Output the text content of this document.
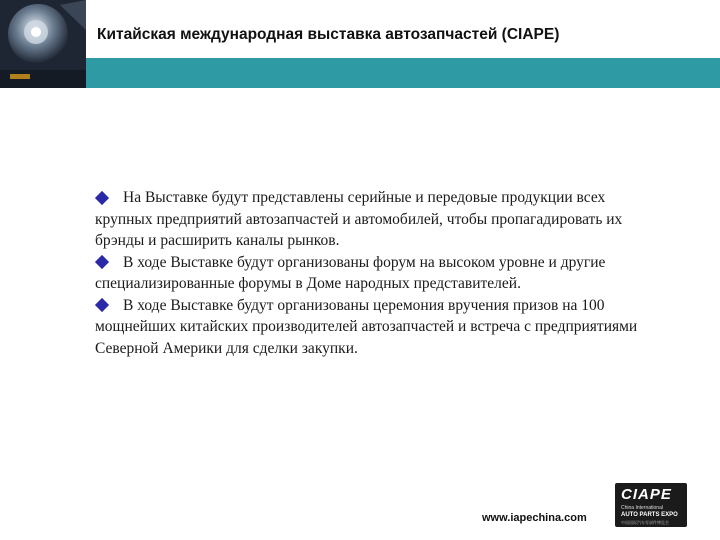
Китайская международная выставка автозапчастей (CIAPE)

На Выставке будут представлены серийные и передовые продукции всех крупных предприятий автозапчастей и автомобилей, чтобы пропагадировать их брэнды и расширить каналы рынков.

В ходе Выставке будут организованы форум на высоком уровне и другие специализированные форумы в Доме народных представителей.

В ходе Выставке будут организованы церемония вручения призов на 100 мощнейших китайских производителей автозапчастей и встреча с предприятиями Северной Америки для сделки закупки.

www.iapechina.com
CIAPE
China International
AUTO PARTS EXPO
中国国际汽车零部件博览会
